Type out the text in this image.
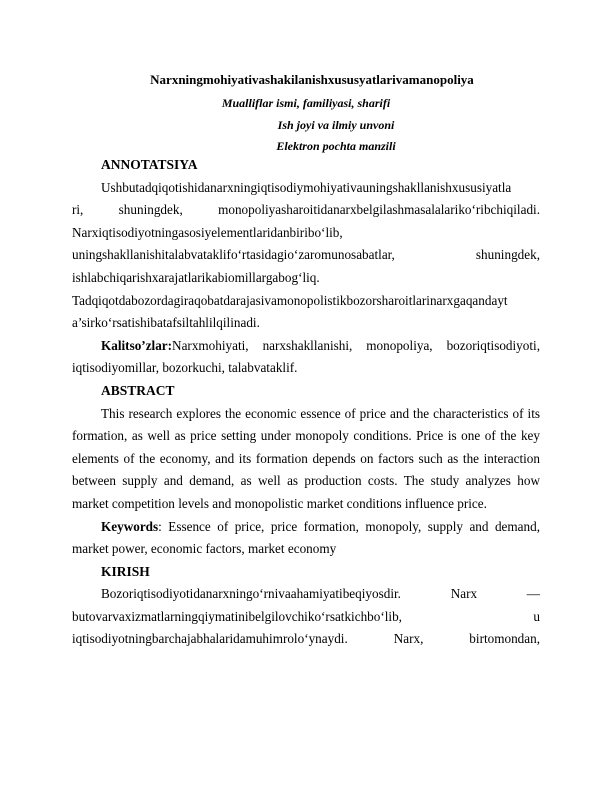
Narxningmohiyativashakilanishxususyatlarivamanopoliya
Mualliflar ismi, familiyasi, sharifi
Ish joyi va ilmiy unvoni
Elektron pochta manzili

ANNOTATSIYA

Ushbutadqiqotishidanarxningiqtisodiymohiyativauningshakllanishxususiyatla

ri, shuningdek, monopoliyasharoitidanarxbelgilashmasalalariko‘ribchiqiladi.

Narxiqtisodiyotningasosiyelementlaridanbiribo‘lib,

uningshakllanishitalabvataklifo‘rtasidagio‘zaromunosabatlar, shuningdek,

ishlabchiqarishxarajatlarikabiomillargabog‘liq.

Tadqiqotdabozordagiraqobatdarajasivamonopolistikbozorsharoitlarinarxgaqandayt

a’sirko‘rsatishibatafsiltahlilqilinadi.

Kalitso’zlar:Narxmohiyati, narxshakllanishi, monopoliya, bozoriqtisodiyoti, iqtisodiyomillar, bozorkuchi, talabvataklif.

ABSTRACT

This research explores the economic essence of price and the characteristics of its formation, as well as price setting under monopoly conditions. Price is one of the key elements of the economy, and its formation depends on factors such as the interaction between supply and demand, as well as production costs. The study analyzes how market competition levels and monopolistic market conditions influence price.

Keywords: Essence of price, price formation, monopoly, supply and demand, market power, economic factors, market economy

KIRISH

Bozoriqtisodiyotidanarxningo‘rnivaahamiyatibeqiyosdir. Narx —

butovarvaxizmatlarningqiymatinibelgilovchiko‘rsatkichbo‘lib, u

iqtisodiyotningbarchajabhalaridamuhimrolo‘ynaydi. Narx, birtomondan,
